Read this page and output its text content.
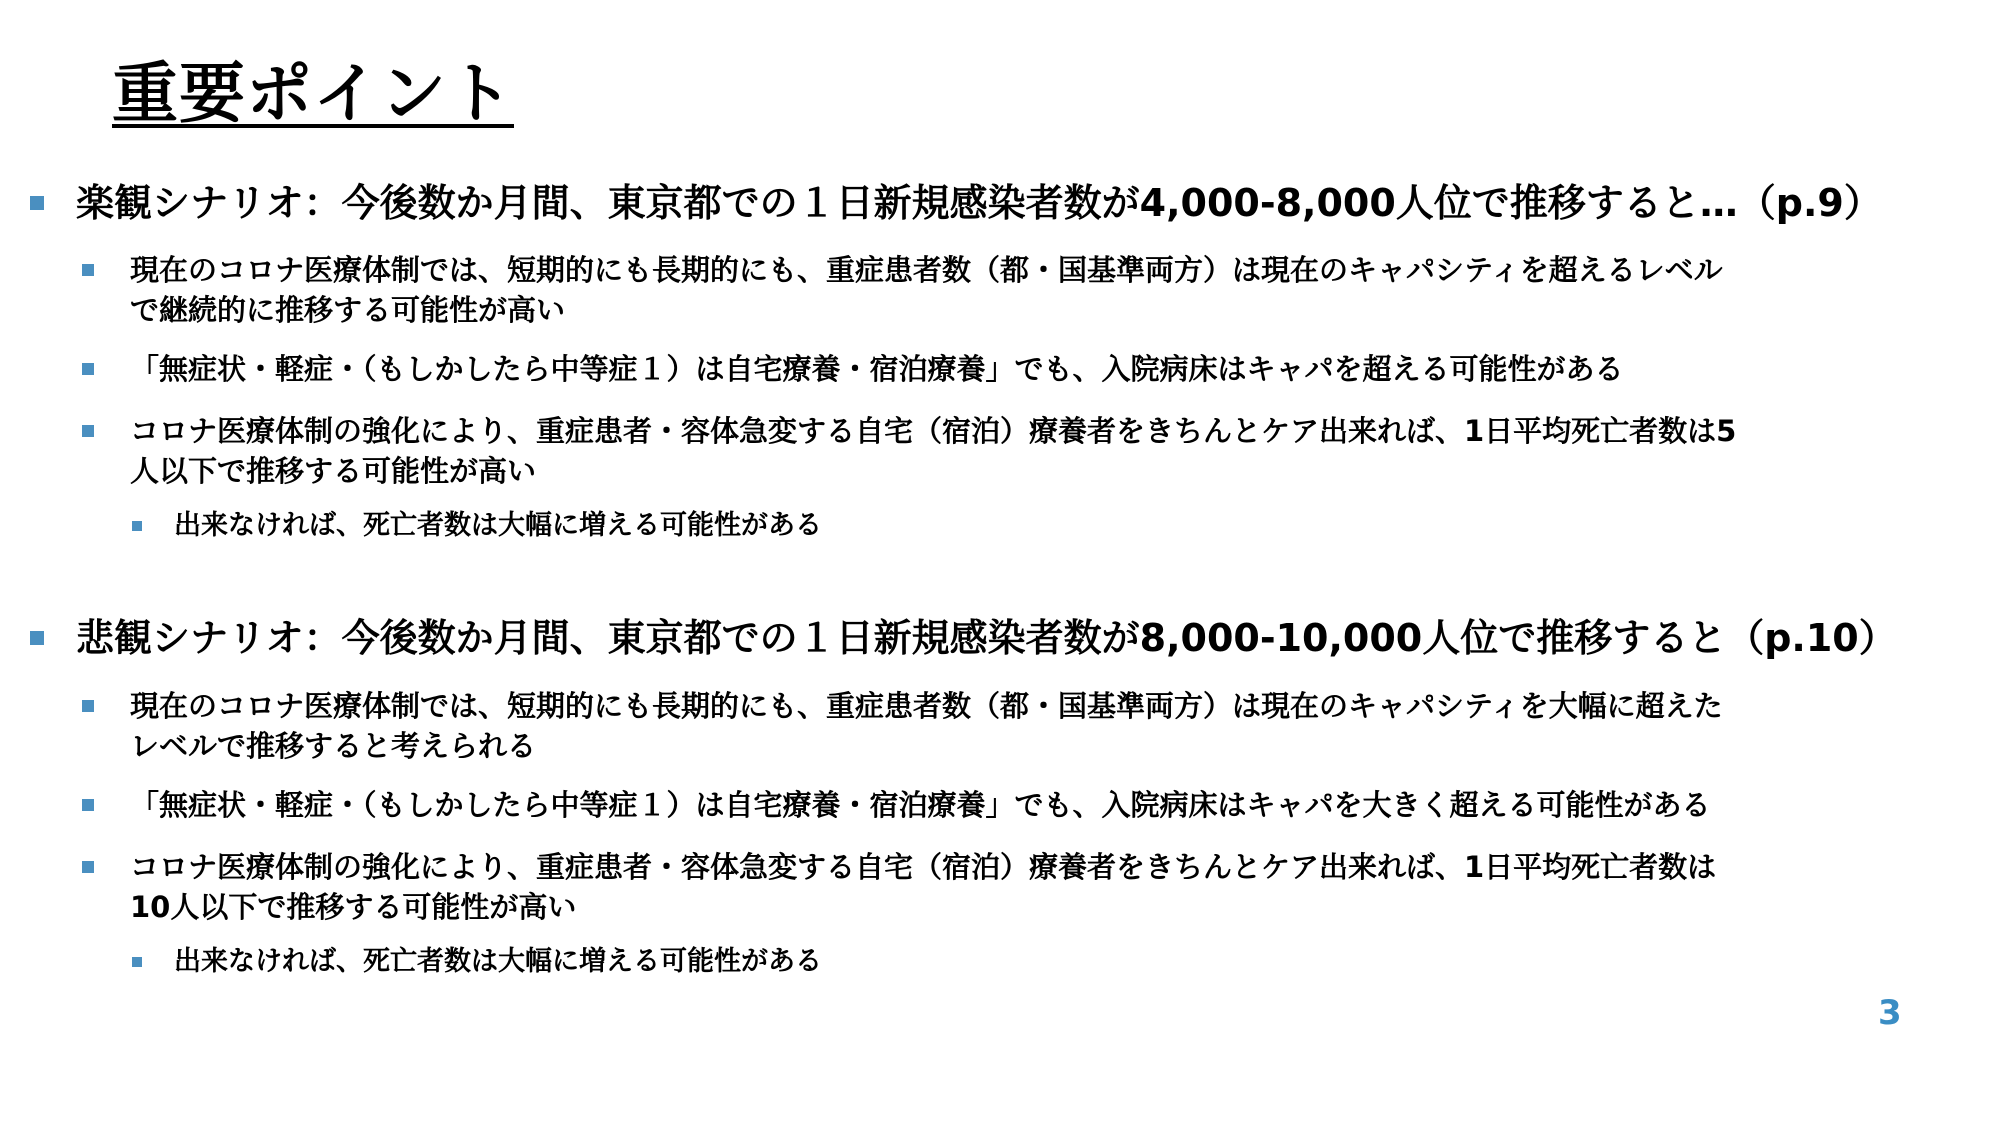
重要ポイント

楽観シナリオ：今後数か月間、東京都での１日新規感染者数が4,000-8,000人位で推移すると…（p.9）

現在のコロナ医療体制では、短期的にも長期的にも、重症患者数（都・国基準両方）は現在のキャパシティを超えるレベル

で継続的に推移する可能性が高い

「無症状・軽症・（もしかしたら中等症１）は自宅療養・宿泊療養」でも、入院病床はキャパを超える可能性がある

コロナ医療体制の強化により、重症患者・容体急変する自宅（宿泊）療養者をきちんとケア出来れば、1日平均死亡者数は5

人以下で推移する可能性が高い

出来なければ、死亡者数は大幅に増える可能性がある

悲観シナリオ：今後数か月間、東京都での１日新規感染者数が8,000-10,000人位で推移すると（p.10）

現在のコロナ医療体制では、短期的にも長期的にも、重症患者数（都・国基準両方）は現在のキャパシティを大幅に超えた

レベルで推移すると考えられる

「無症状・軽症・（もしかしたら中等症１）は自宅療養・宿泊療養」でも、入院病床はキャパを大きく超える可能性がある

コロナ医療体制の強化により、重症患者・容体急変する自宅（宿泊）療養者をきちんとケア出来れば、1日平均死亡者数は

10人以下で推移する可能性が高い

出来なければ、死亡者数は大幅に増える可能性がある

3
